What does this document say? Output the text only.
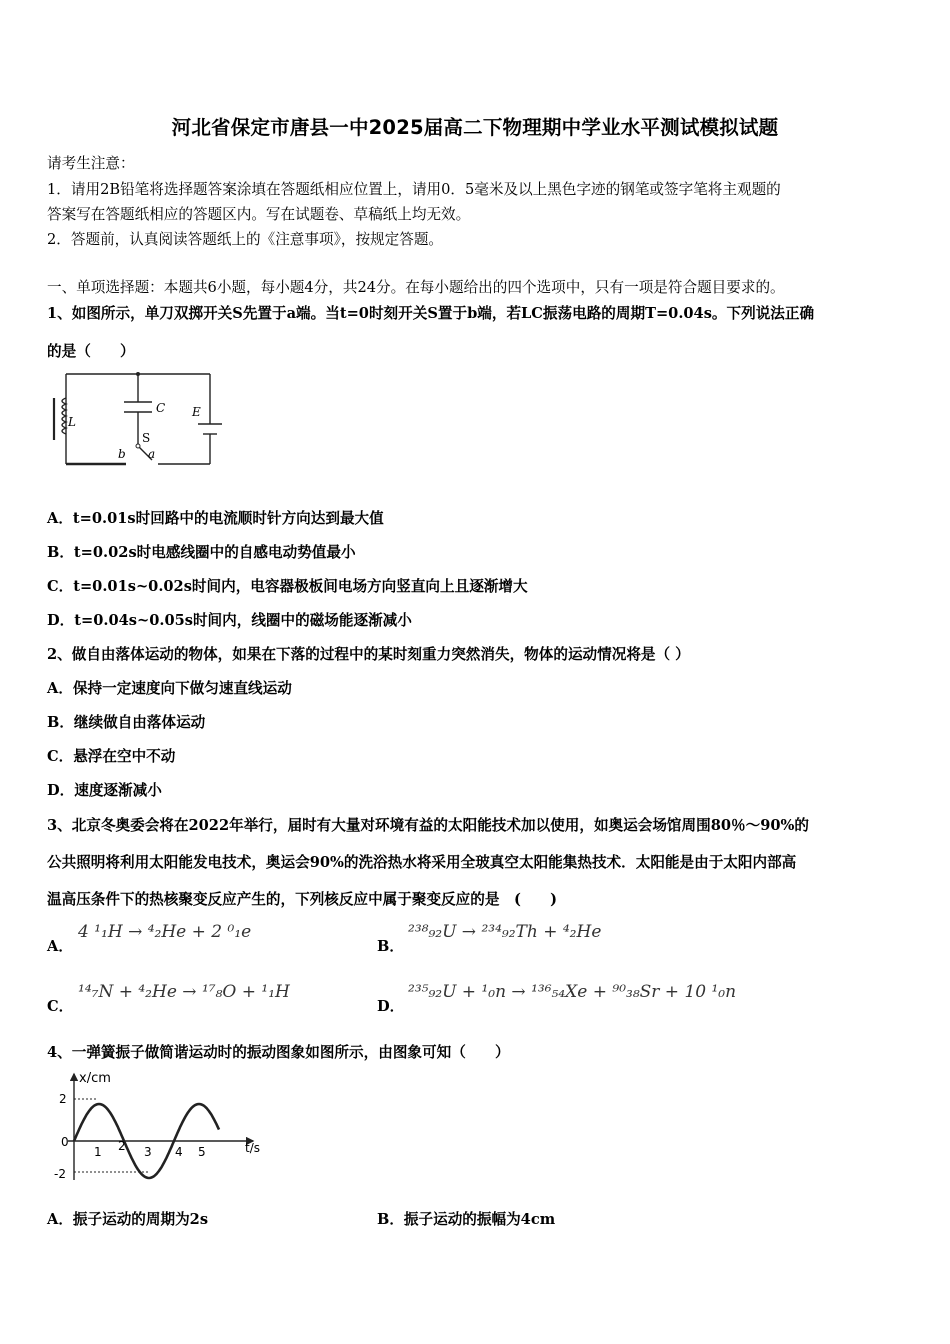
河北省保定市唐县一中2025届高二下物理期中学业水平测试模拟试题
请考生注意：
1．请用2B铅笔将选择题答案涂填在答题纸相应位置上，请用0．5毫米及以上黑色字迹的钢笔或签字笔将主观题的
答案写在答题纸相应的答题区内。写在试题卷、草稿纸上均无效。
2．答题前，认真阅读答题纸上的《注意事项》，按规定答题。
一、单项选择题：本题共6小题，每小题4分，共24分。在每小题给出的四个选项中，只有一项是符合题目要求的。
1、如图所示，单刀双掷开关S先置于a端。当t=0时刻开关S置于b端，若LC振荡电路的周期T=0.04s。下列说法正确
的是（　　）
L
C E
S
a
b
A．t=0.01s时回路中的电流顺时针方向达到最大值
B．t=0.02s时电感线圈中的自感电动势值最小
C．t=0.01s~0.02s时间内，电容器极板间电场方向竖直向上且逐渐增大
D．t=0.04s~0.05s时间内，线圈中的磁场能逐渐减小
2、做自由落体运动的物体，如果在下落的过程中的某时刻重力突然消失，物体的运动情况将是（ ）
A．保持一定速度向下做匀速直线运动
B．继续做自由落体运动
C．悬浮在空中不动
D．速度逐渐减小
3、北京冬奥委会将在2022年举行，届时有大量对环境有益的太阳能技术加以使用，如奥运会场馆周围80％～90%的
公共照明将利用太阳能发电技术，奥运会90%的洗浴热水将采用全玻真空太阳能集热技术．太阳能是由于太阳内部高
温高压条件下的热核聚变反应产生的，下列核反应中属于聚变反应的是　(　　)
A．
4 ¹₁H → ⁴₂He + 2 ⁰₁e
B．
²³⁸₉₂U → ²³⁴₉₂Th + ⁴₂He
C．
¹⁴₇N + ⁴₂He → ¹⁷₈O + ¹₁H
D．
²³⁵₉₂U + ¹₀n → ¹³⁶₅₄Xe + ⁹⁰₃₈Sr + 10 ¹₀n
4、一弹簧振子做简谐运动时的振动图象如图所示，由图象可知（　　）
x/cm
t/s
2
0
-2
1 2 3 4 5
A．振子运动的周期为2s	B．振子运动的振幅为4cm
